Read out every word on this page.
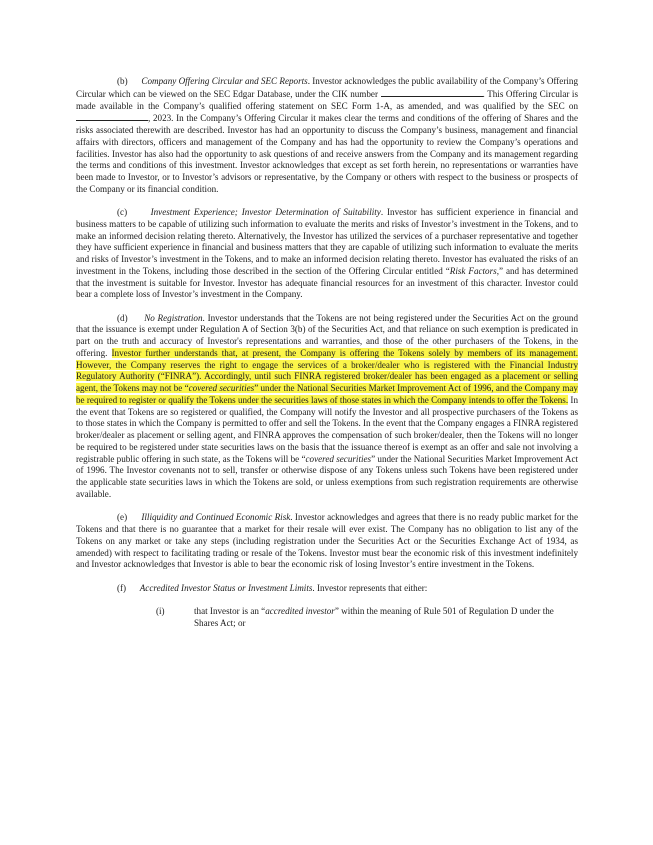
(b) Company Offering Circular and SEC Reports. Investor acknowledges the public availability of the Company’s Offering Circular which can be viewed on the SEC Edgar Database, under the CIK number	. This Offering Circular is made available in the Company’s qualified offering statement on SEC Form 1-A, as amended, and was qualified by the SEC on , 2023. In the Company’s Offering Circular it makes clear the terms and conditions of the offering of Shares and the risks associated therewith are described. Investor has had an opportunity to discuss the Company’s business, management and financial affairs with directors, officers and management of the Company and has had the opportunity to review the Company’s operations and facilities. Investor has also had the opportunity to ask questions of and receive answers from the Company and its management regarding the terms and conditions of this investment. Investor acknowledges that except as set forth herein, no representations or warranties have been made to Investor, or to Investor’s advisors or representative, by the Company or others with respect to the business or prospects of the Company or its financial condition.

(c)	Investment Experience; Investor Determination of Suitability. Investor has sufficient experience in financial and business matters to be capable of utilizing such information to evaluate the merits and risks of Investor’s investment in the Tokens, and to make an informed decision relating thereto. Alternatively, the Investor has utilized the services of a purchaser representative and together they have sufficient experience in financial and business matters that they are capable of utilizing such information to evaluate the merits and risks of Investor’s investment in the Tokens, and to make an informed decision relating thereto. Investor has evaluated the risks of an investment in the Tokens, including those described in the section of the Offering Circular entitled “Risk Factors,” and has determined that the investment is suitable for Investor. Investor has adequate financial resources for an investment of this character. Investor could bear a complete loss of Investor’s investment in the Company.

(d) No Registration. Investor understands that the Tokens are not being registered under the Securities Act on the ground that the issuance is exempt under Regulation A of Section 3(b) of the Securities Act, and that reliance on such exemption is predicated in part on the truth and accuracy of Investor's representations and warranties, and those of the other purchasers of the Tokens, in the offering. Investor further understands that, at present, the Company is offering the Tokens solely by members of its management. However, the Company reserves the right to engage the services of a broker/dealer who is registered with the Financial Industry Regulatory Authority (“FINRA”). Accordingly, until such FINRA registered broker/dealer has been engaged as a placement or selling agent, the Tokens may not be “covered securities” under the National Securities Market Improvement Act of 1996, and the Company may be required to register or qualify the Tokens under the securities laws of those states in which the Company intends to offer the Tokens. In the event that Tokens are so registered or qualified, the Company will notify the Investor and all prospective purchasers of the Tokens as to those states in which the Company is permitted to offer and sell the Tokens. In the event that the Company engages a FINRA registered broker/dealer as placement or selling agent, and FINRA approves the compensation of such broker/dealer, then the Tokens will no longer be required to be registered under state securities laws on the basis that the issuance thereof is exempt as an offer and sale not involving a registrable public offering in such state, as the Tokens will be “covered securities” under the National Securities Market Improvement Act of 1996. The Investor covenants not to sell, transfer or otherwise dispose of any Tokens unless such Tokens have been registered under the applicable state securities laws in which the Tokens are sold, or unless exemptions from such registration requirements are otherwise available.

(e) Illiquidity and Continued Economic Risk. Investor acknowledges and agrees that there is no ready public market for the Tokens and that there is no guarantee that a market for their resale will ever exist. The Company has no obligation to list any of the Tokens on any market or take any steps (including registration under the Securities Act or the Securities Exchange Act of 1934, as amended) with respect to facilitating trading or resale of the Tokens. Investor must bear the economic risk of this investment indefinitely and Investor acknowledges that Investor is able to bear the economic risk of losing Investor’s entire investment in the Tokens.

(f) Accredited Investor Status or Investment Limits. Investor represents that either:

(i)	that Investor is an “accredited investor” within the meaning of Rule 501 of Regulation D under the Shares Act; or
